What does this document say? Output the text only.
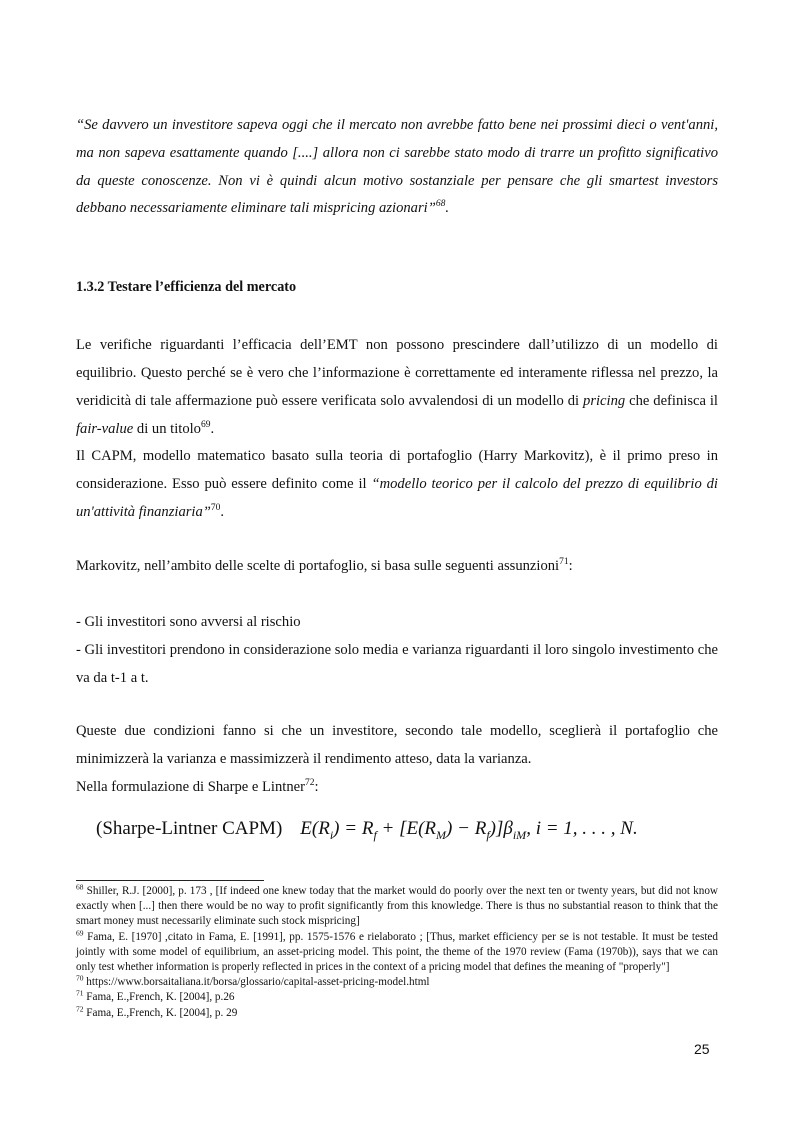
“Se davvero un investitore sapeva oggi che il mercato non avrebbe fatto bene nei prossimi dieci o vent'anni, ma non sapeva esattamente quando [....] allora non ci sarebbe stato modo di trarre un profitto significativo da queste conoscenze. Non vi è quindi alcun motivo sostanziale per pensare che gli smartest investors debbano necessariamente eliminare tali mispricing azionari”$^{68}$.

1.3.2 Testare l’efficienza del mercato

Le verifiche riguardanti l’efficacia dell’EMT non possono prescindere dall’utilizzo di un modello di equilibrio. Questo perché se è vero che l’informazione è correttamente ed interamente riflessa nel prezzo, la veridicità di tale affermazione può essere verificata solo avvalendosi di un modello di pricing che definisca il fair-value di un titolo$^{69}$.

Il CAPM, modello matematico basato sulla teoria di portafoglio (Harry Markovitz), è il primo preso in considerazione. Esso può essere definito come il “modello teorico per il calcolo del prezzo di equilibrio di un'attività finanziaria”$^{70}$.

Markovitz, nell’ambito delle scelte di portafoglio, si basa sulle seguenti assunzioni$^{71}$:

- Gli investitori sono avversi al rischio

- Gli investitori prendono in considerazione solo media e varianza riguardanti il loro singolo investimento che va da t-1 a t.

Queste due condizioni fanno si che un investitore, secondo tale modello, sceglierà il portafoglio che minimizzerà la varianza e massimizzerà il rendimento atteso, data la varianza.

Nella formulazione di Sharpe e Lintner$^{72}$:

(Sharpe-Lintner CAPM) $E(R_i) = R_f + [E(R_M) - R_f)]\beta_{iM}$, i = 1, . . . , N.

$^{68}$ Shiller, R.J. [2000], p. 173 , [If indeed one knew today that the market would do poorly over the next ten or twenty years, but did not know exactly when [...] then there would be no way to profit significantly from this knowledge. There is thus no substantial reason to think that the smart money must necessarily eliminate such stock mispricing]

$^{69}$ Fama, E. [1970] ,citato in Fama, E. [1991], pp. 1575-1576 e rielaborato ; [Thus, market efficiency per se is not testable. It must be tested jointly with some model of equilibrium, an asset-pricing model. This point, the theme of the 1970 review (Fama (1970b)), says that we can only test whether information is properly reflected in prices in the context of a pricing model that defines the meaning of "properly"]

$^{70}$ https://www.borsaitaliana.it/borsa/glossario/capital-asset-pricing-model.html

$^{71}$ Fama, E.,French, K. [2004], p.26

$^{72}$ Fama, E.,French, K. [2004], p. 29

25
